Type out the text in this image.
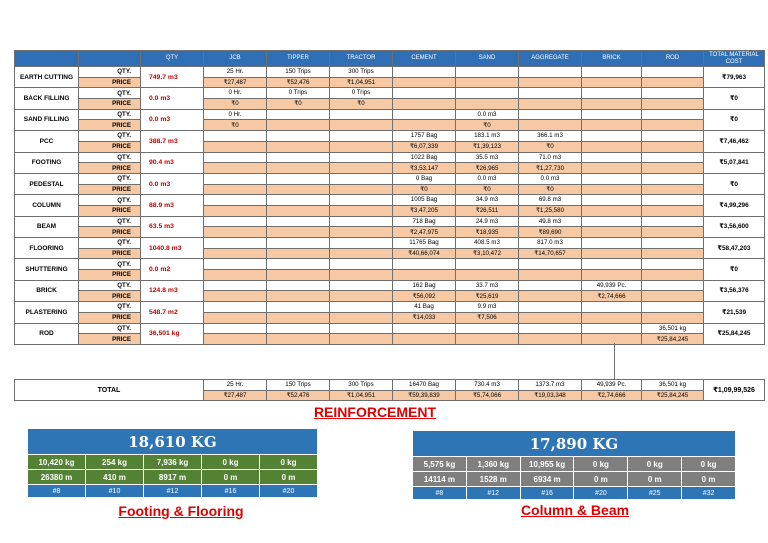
		QTY	JCB	TIPPER	TRACTOR	CEMENT	SAND	AGGREGATE	BRICK	ROD	TOTAL MATERIAL COST
EARTH CUTTING	QTY.	749.7 m3	25 Hr.	150 Trips	300 Trips						₹79,963
	PRICE		₹27,487	₹52,476	₹1,04,951						
BACK FILLING	QTY.	0.0 m3	0 Hr.	0 Trips	0 Trips						₹0
	PRICE		₹0	₹0	₹0						
SAND FILLING	QTY.	0.0 m3	0 Hr.				0.0 m3				₹0
	PRICE		₹0				₹0				
PCC	QTY.	388.7 m3				1757 Bag	183.1 m3	366.1 m3			₹7,46,462
	PRICE					₹6,07,339	₹1,39,123	₹0			
FOOTING	QTY.	90.4 m3				1022 Bag	35.5 m3	71.0 m3			₹5,07,841
	PRICE					₹3,53,147	₹26,965	₹1,27,730			
PEDESTAL	QTY.	0.0 m3				0 Bag	0.0 m3	0.0 m3			₹0
	PRICE					₹0	₹0	₹0			
COLUMN	QTY.	88.9 m3				1005 Bag	34.9 m3	69.8 m3			₹4,99,296
	PRICE					₹3,47,205	₹26,511	₹1,25,580			
BEAM	QTY.	63.5 m3				718 Bag	24.9 m3	49.8 m3			₹3,56,600
	PRICE					₹2,47,975	₹18,935	₹89,690			
FLOORING	QTY.	1040.8 m3				11765 Bag	408.5 m3	817.0 m3			₹58,47,203
	PRICE					₹40,66,074	₹3,10,472	₹14,70,657			
SHUTTERING	QTY.	0.0 m2									₹0
	PRICE										
BRICK	QTY.	124.8 m3				162 Bag	33.7 m3		49,939 Pc.		₹3,56,376
	PRICE					₹56,092	₹25,619		₹2,74,666		
PLASTERING	QTY.	548.7 m2				41 Bag	9.9 m3				₹21,539
	PRICE					₹14,033	₹7,506				
ROD	QTY.	36,501 kg								36,501 kg	₹25,84,245
	PRICE									₹25,84,245	
TOTAL	25 Hr.	150 Trips	300 Trips	16470 Bag	730.4 m3	1373.7 m3	49,939 Pc.	36,501 kg	₹1,09,99,526
	₹27,487	₹52,476	₹1,04,951	₹59,39,839	₹5,74,066	₹19,03,348	₹2,74,666	₹25,84,245	
REINFORCEMENT
18,610 KG				
10,420 kg	254 kg	7,936 kg	0 kg	0 kg
26380 m	410 m	8917 m	0 m	0 m
#8	#10	#12	#16	#20
Footing & Flooring
17,890 KG					
5,575 kg	1,360 kg	10,955 kg	0 kg	0 kg	0 kg
14114 m	1528 m	6934 m	0 m	0 m	0 m
#8	#12	#16	#20	#25	#32
Column & Beam
